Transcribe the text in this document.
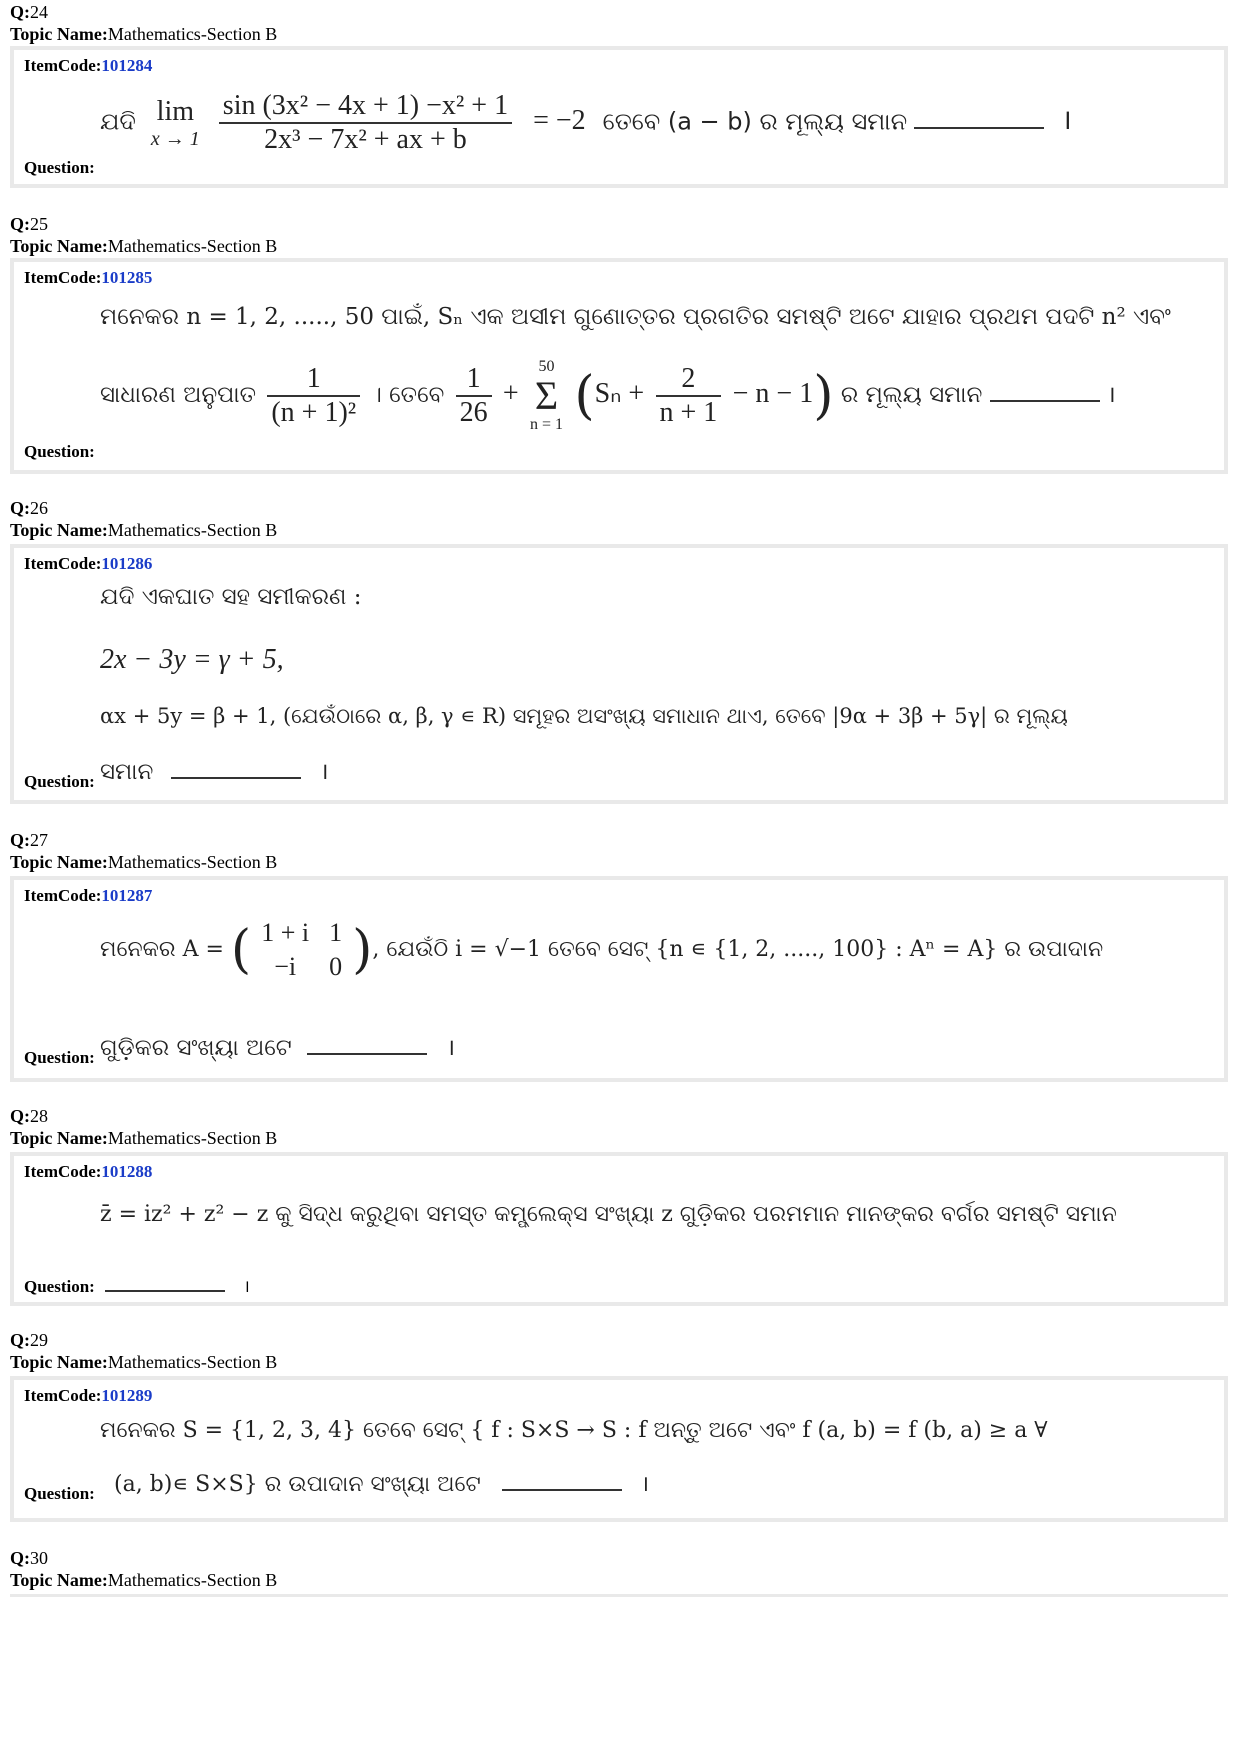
Q:24
Topic Name:Mathematics-Section B
ItemCode:101284
ଯଦି lim
x → 1
$\frac{\text{sin (3x² − 4x + 1) −x² + 1}}{\text{2x³ − 7x² + ax + b}} = -2$ ତେବେ (a − b) ର ମୂଲ୍ୟ ସମାନ	।
Question:
Q:25
Topic Name:Mathematics-Section B
ItemCode:101285
ମନେକର n = 1, 2, ....., 50 ପାଇଁ, Sₙ ଏକ ଅସୀମ ଗୁଣୋତ୍ତର ପ୍ରଗତିର ସମଷ୍ଟି ଅଟେ ଯାହାର ପ୍ରଥମ ପଦଟି n² ଏବଂ
ସାଧାରଣ ଅନୁପାତ $\frac{1}{\text{(n + 1)²}}$ । ତେବେ $\frac{1}{26} + 50$
Σ
n = 1 $(S_n + \frac{2}{n + 1} - n - 1)$ ର ମୂଲ୍ୟ ସମାନ	।
Question:
Q:26
Topic Name:Mathematics-Section B
ItemCode:101286
ଯଦି ଏକଘାତ ସହ ସମୀକରଣ :
2x − 3y = γ + 5,
αx + 5y = β + 1, (ଯେଉଁଠାରେ α, β, γ ∊ R) ସମୂହର ଅସଂଖ୍ୟ ସମାଧାନ ଥାଏ, ତେବେ |9α + 3β + 5γ| ର ମୂଲ୍ୟ
ସମାନ	।
Question:
Q:27
Topic Name:Mathematics-Section B
ItemCode:101287
ମନେକର A = ( 1 + i	1
−i	0 ), ଯେଉଁଠି i = √−1 ତେବେ ସେଟ୍ {n ∊ {1, 2, ....., 100} : Aⁿ = A} ର ଉପାଦାନ
ଗୁଡ଼ିକର ସଂଖ୍ୟା ଅଟେ	।
Question:
Q:28
Topic Name:Mathematics-Section B
ItemCode:101288
z̄ = iz² + z² − z କୁ ସିଦ୍ଧ କରୁଥିବା ସମସ୍ତ କମ୍ପ୍ଲେକ୍ସ ସଂଖ୍ୟା z ଗୁଡ଼ିକର ପରମମାନ ମାନଙ୍କର ବର୍ଗର ସମଷ୍ଟି ସମାନ
Question:	।
Q:29
Topic Name:Mathematics-Section B
ItemCode:101289
ମନେକର S = {1, 2, 3, 4} ତେବେ ସେଟ୍ { f : S×S → S : f ଅନ୍ତୁ ଅଟେ ଏବଂ f (a, b) = f (b, a) ≥ a ∀
(a, b)∊ S×S} ର ଉପାଦାନ ସଂଖ୍ୟା ଅଟେ	।
Question:
Q:30
Topic Name:Mathematics-Section B
